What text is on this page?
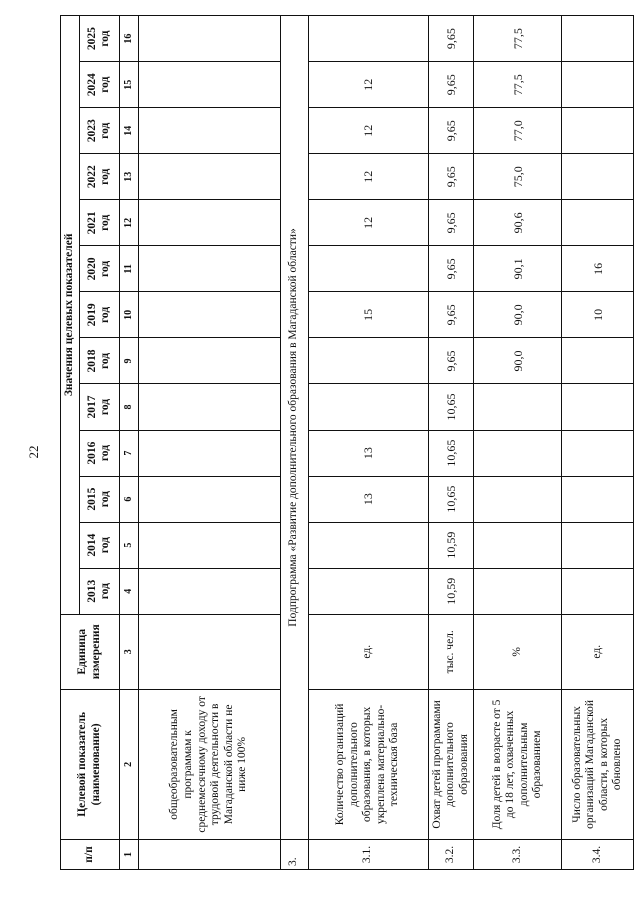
22
п/п	Целевой показатель (наименование)	Единица измерения	Значения целевых показателей												
			2013 год	2014 год	2015 год	2016 год	2017 год	2018 год	2019 год	2020 год	2021 год	2022 год	2023 год	2024 год	2025 год
1	2	3	4	5	6	7	8	9	10	11	12	13	14	15	16
	общеобразовательным программам к среднемесячному доходу от трудовой деятельности в Магаданской области не ниже 100%														
3.	Подпрограмма «Развитие дополнительного образования в Магаданской области»														
3.1.	Количество организаций дополнительного образования, в которых укреплена материально-техническая база	ед.			13	13			15		12	12	12	12	
3.2.	Охват детей программами дополнительного образования	тыс. чел.	10,59	10,59	10,65	10,65	10,65	9,65	9,65	9,65	9,65	9,65	9,65	9,65	9,65
3.3.	Доля детей в возрасте от 5 до 18 лет, охваченных дополнительным образованием	%						90,0	90,0	90,1	90,6	75,0	77,0	77,5	77,5
3.4.	Число образовательных организаций Магаданской области, в которых обновлено	ед.							10	16					
